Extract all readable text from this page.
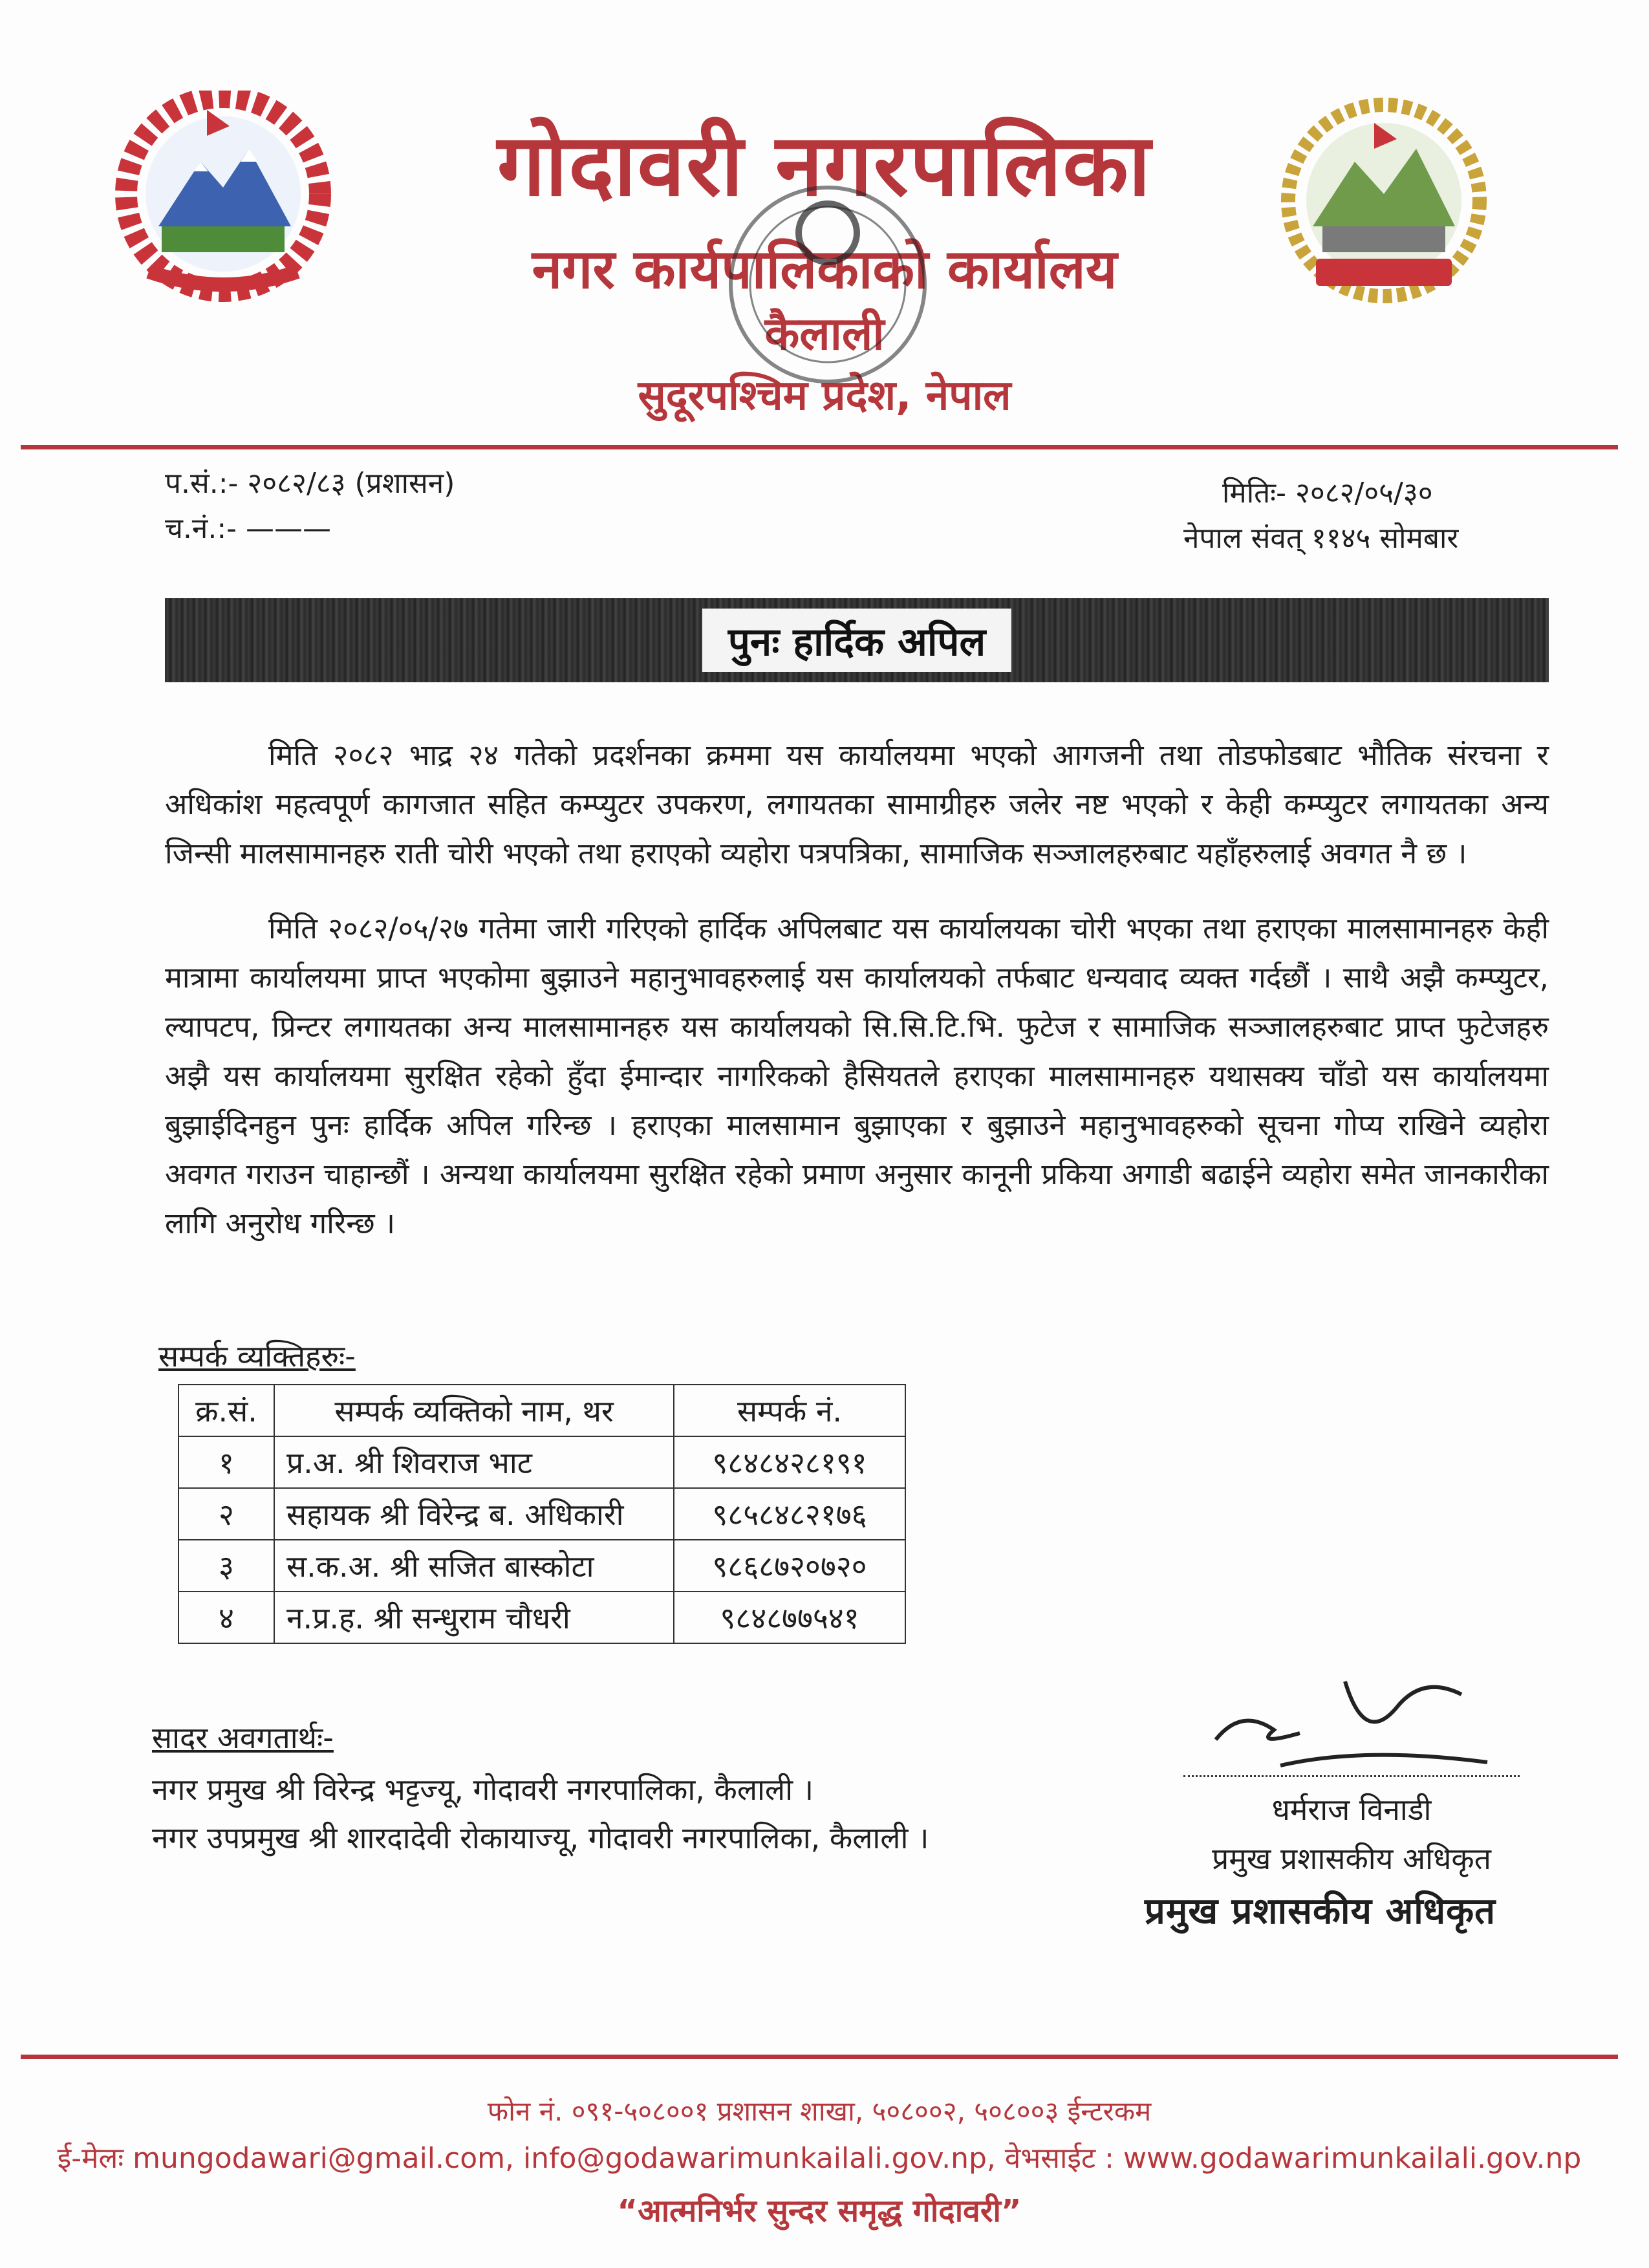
गोदावरी नगरपालिका
नगर कार्यपालिकाको कार्यालय
कैलाली
सुदूरपश्चिम प्रदेश, नेपाल
प.सं.:- २०८२/८३ (प्रशासन)
च.नं.:- ———
मितिः- २०८२/०५/३०
नेपाल संवत् ११४५ सोमबार
पुनः हार्दिक अपिल

मिति २०८२ भाद्र २४ गतेको प्रदर्शनका क्रममा यस कार्यालयमा भएको आगजनी तथा तोडफोडबाट भौतिक संरचना र अधिकांश महत्वपूर्ण कागजात सहित कम्प्युटर उपकरण, लगायतका सामाग्रीहरु जलेर नष्ट भएको र केही कम्प्युटर लगायतका अन्य जिन्सी मालसामानहरु राती चोरी भएको तथा हराएको व्यहोरा पत्रपत्रिका, सामाजिक सञ्जालहरुबाट यहाँहरुलाई अवगत नै छ ।

मिति २०८२/०५/२७ गतेमा जारी गरिएको हार्दिक अपिलबाट यस कार्यालयका चोरी भएका तथा हराएका मालसामानहरु केही मात्रामा कार्यालयमा प्राप्त भएकोमा बुझाउने महानुभावहरुलाई यस कार्यालयको तर्फबाट धन्यवाद व्यक्त गर्दछौं । साथै अझै कम्प्युटर, ल्यापटप, प्रिन्टर लगायतका अन्य मालसामानहरु यस कार्यालयको सि.सि.टि.भि. फुटेज र सामाजिक सञ्जालहरुबाट प्राप्त फुटेजहरु अझै यस कार्यालयमा सुरक्षित रहेको हुँदा ईमान्दार नागरिकको हैसियतले हराएका मालसामानहरु यथासक्य चाँडो यस कार्यालयमा बुझाईदिनहुन पुनः हार्दिक अपिल गरिन्छ । हराएका मालसामान बुझाएका र बुझाउने महानुभावहरुको सूचना गोप्य राखिने व्यहोरा अवगत गराउन चाहान्छौं । अन्यथा कार्यालयमा सुरक्षित रहेको प्रमाण अनुसार कानूनी प्रकिया अगाडी बढाईने व्यहोरा समेत जानकारीका लागि अनुरोध गरिन्छ ।

सम्पर्क व्यक्तिहरुः-
क्र.सं.	सम्पर्क व्यक्तिको नाम, थर	सम्पर्क नं.
१	प्र.अ. श्री शिवराज भाट	९८४८४२८१९१
२	सहायक श्री विरेन्द्र ब. अधिकारी	९८५८४८२१७६
३	स.क.अ. श्री सजित बास्कोटा	९८६८७२०७२०
४	न.प्र.ह. श्री सन्धुराम चौधरी	९८४८७७५४१
सादर अवगतार्थः-
नगर प्रमुख श्री विरेन्द्र भट्टज्यू, गोदावरी नगरपालिका, कैलाली ।
नगर उपप्रमुख श्री शारदादेवी रोकायाज्यू, गोदावरी नगरपालिका, कैलाली ।
धर्मराज विनाडी
प्रमुख प्रशासकीय अधिकृत
प्रमुख प्रशासकीय अधिकृत
फोन नं. ०९१-५०८००१ प्रशासन शाखा, ५०८००२, ५०८००३ ईन्टरकम
ई-मेलः mungodawari@gmail.com, info@godawarimunkailali.gov.np, वेभसाईट : www.godawarimunkailali.gov.np
“आत्मनिर्भर सुन्दर समृद्ध गोदावरी”
